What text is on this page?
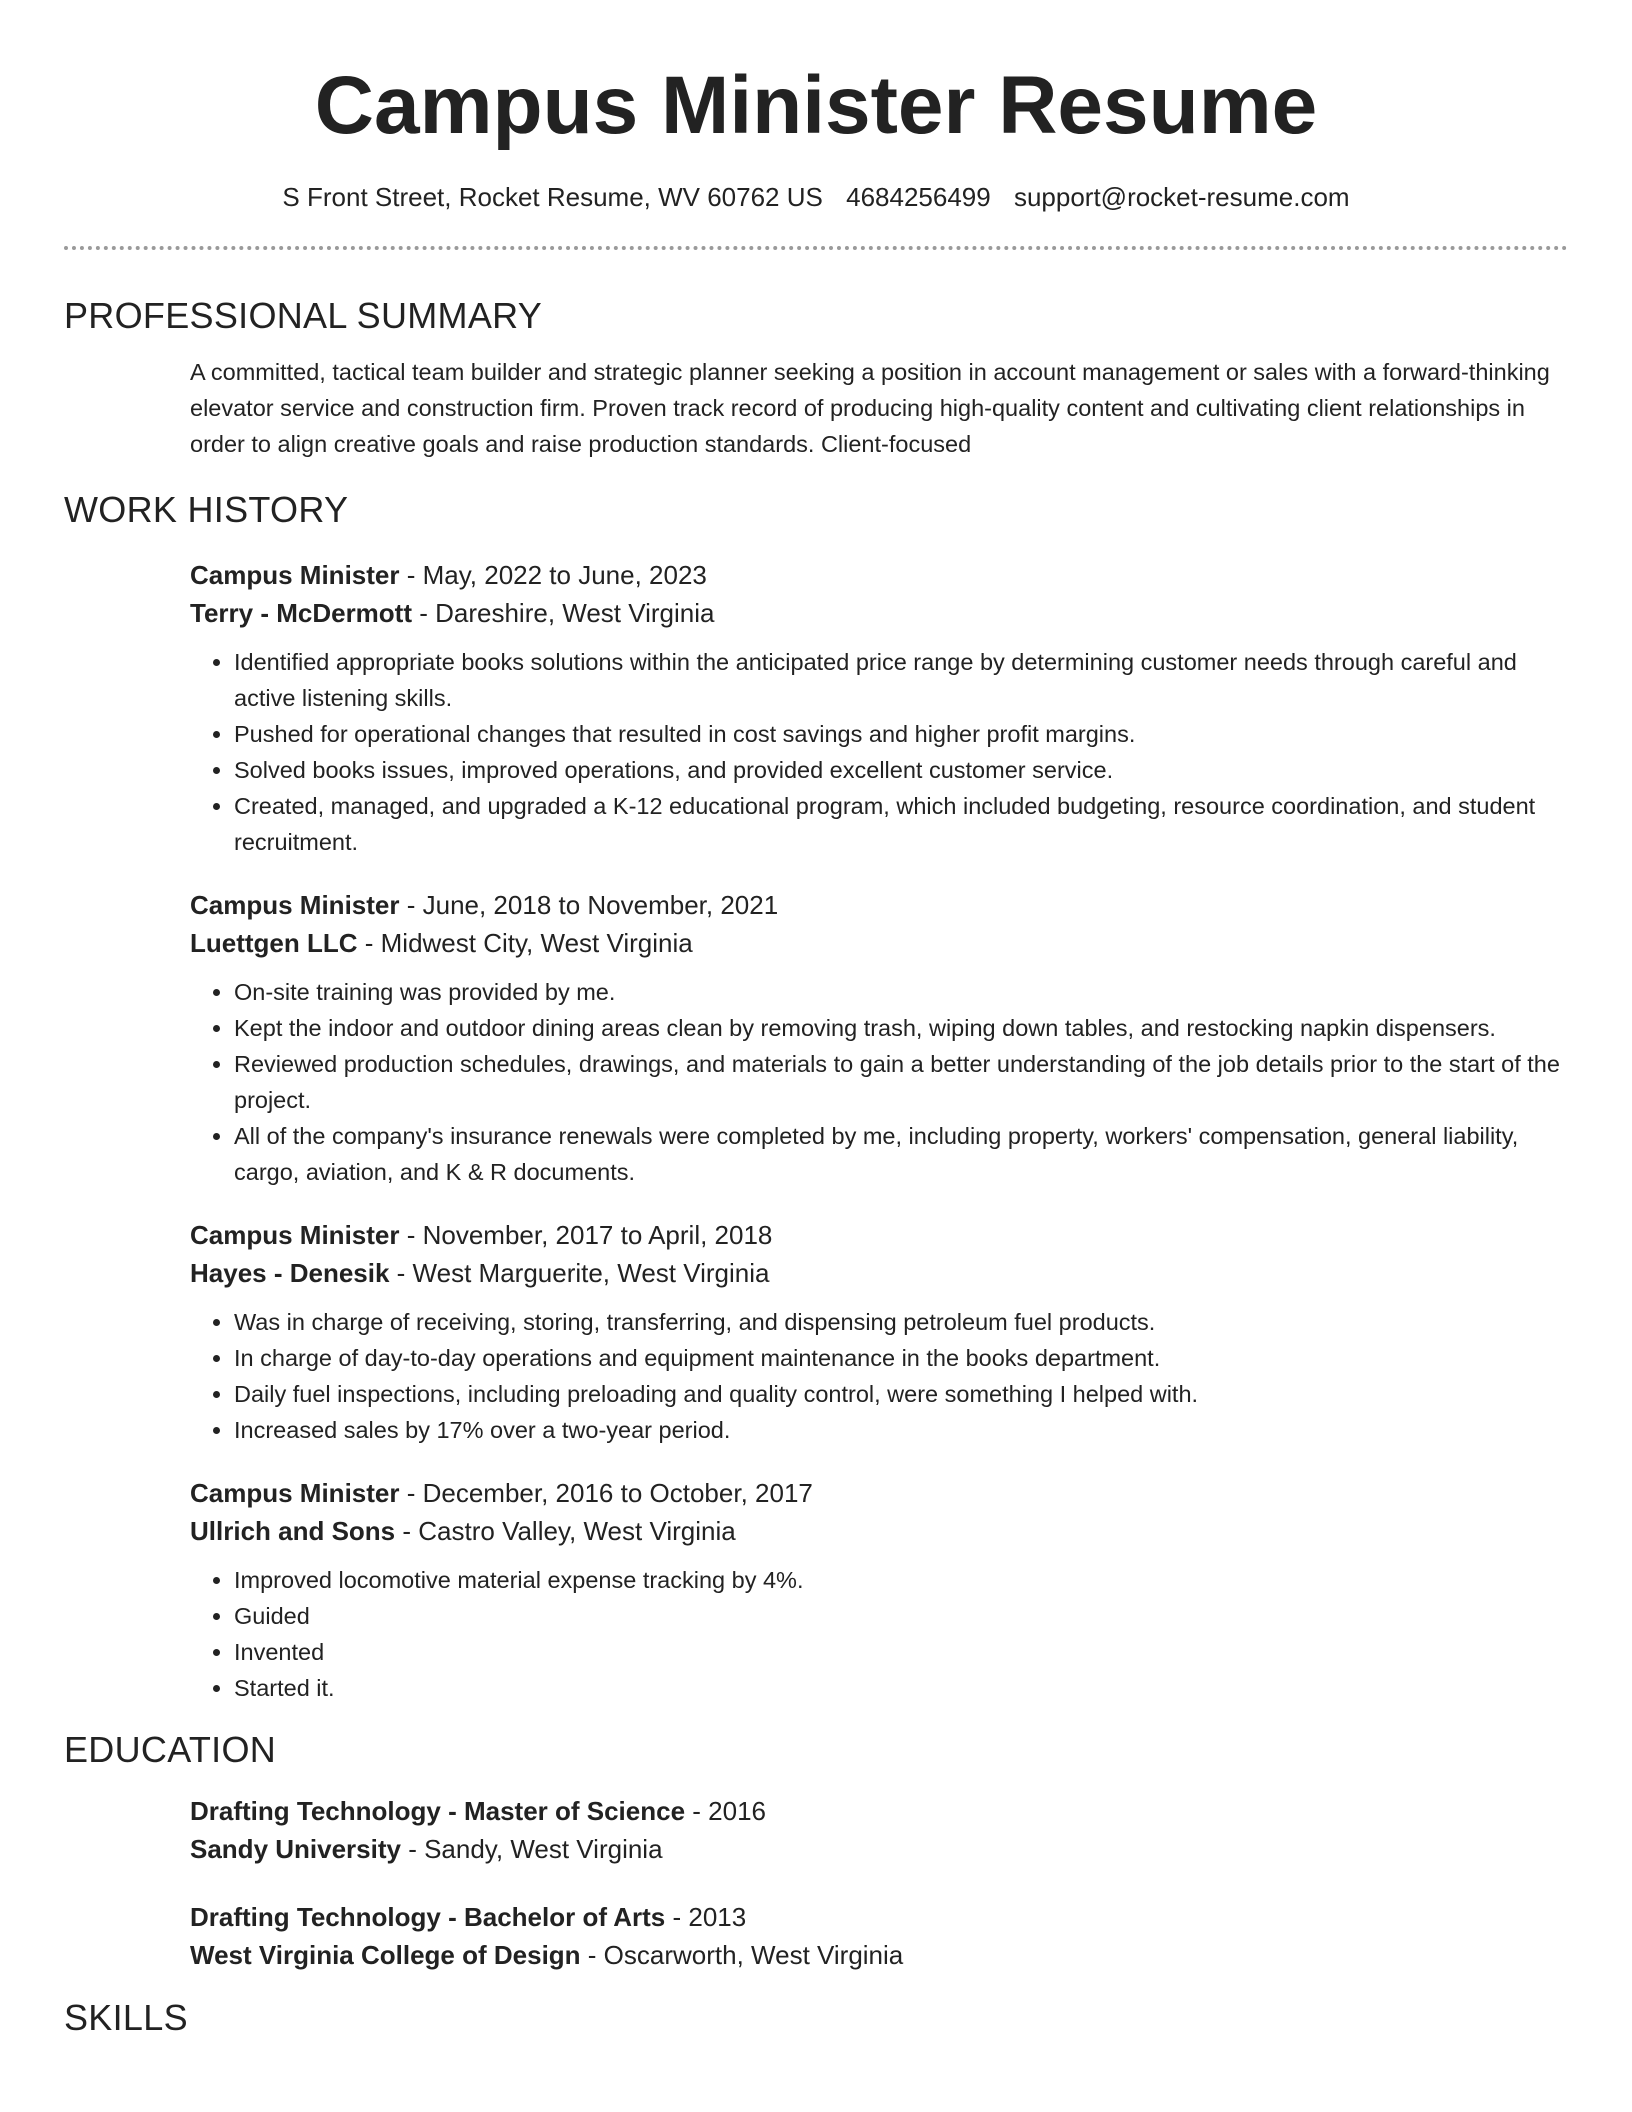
Campus Minister Resume
S Front Street, Rocket Resume, WV 60762 US 4684256499 support@rocket-resume.com
PROFESSIONAL SUMMARY

A committed, tactical team builder and strategic planner seeking a position in account management or sales with a forward-thinking elevator service and construction firm. Proven track record of producing high-quality content and cultivating client relationships in order to align creative goals and raise production standards. Client-focused

WORK HISTORY
Campus Minister - May, 2022 to June, 2023
Terry - McDermott - Dareshire, West Virginia
• Identified appropriate books solutions within the anticipated price range by determining customer needs through careful and active listening skills.
• Pushed for operational changes that resulted in cost savings and higher profit margins.
• Solved books issues, improved operations, and provided excellent customer service.
• Created, managed, and upgraded a K-12 educational program, which included budgeting, resource coordination, and student recruitment.
Campus Minister - June, 2018 to November, 2021
Luettgen LLC - Midwest City, West Virginia
• On-site training was provided by me.
• Kept the indoor and outdoor dining areas clean by removing trash, wiping down tables, and restocking napkin dispensers.
• Reviewed production schedules, drawings, and materials to gain a better understanding of the job details prior to the start of the project.
• All of the company's insurance renewals were completed by me, including property, workers' compensation, general liability, cargo, aviation, and K & R documents.
Campus Minister - November, 2017 to April, 2018
Hayes - Denesik - West Marguerite, West Virginia
• Was in charge of receiving, storing, transferring, and dispensing petroleum fuel products.
• In charge of day-to-day operations and equipment maintenance in the books department.
• Daily fuel inspections, including preloading and quality control, were something I helped with.
• Increased sales by 17% over a two-year period.
Campus Minister - December, 2016 to October, 2017
Ullrich and Sons - Castro Valley, West Virginia
• Improved locomotive material expense tracking by 4%.
• Guided
• Invented
• Started it.
EDUCATION
Drafting Technology - Master of Science - 2016
Sandy University - Sandy, West Virginia
Drafting Technology - Bachelor of Arts - 2013
West Virginia College of Design - Oscarworth, West Virginia
SKILLS
